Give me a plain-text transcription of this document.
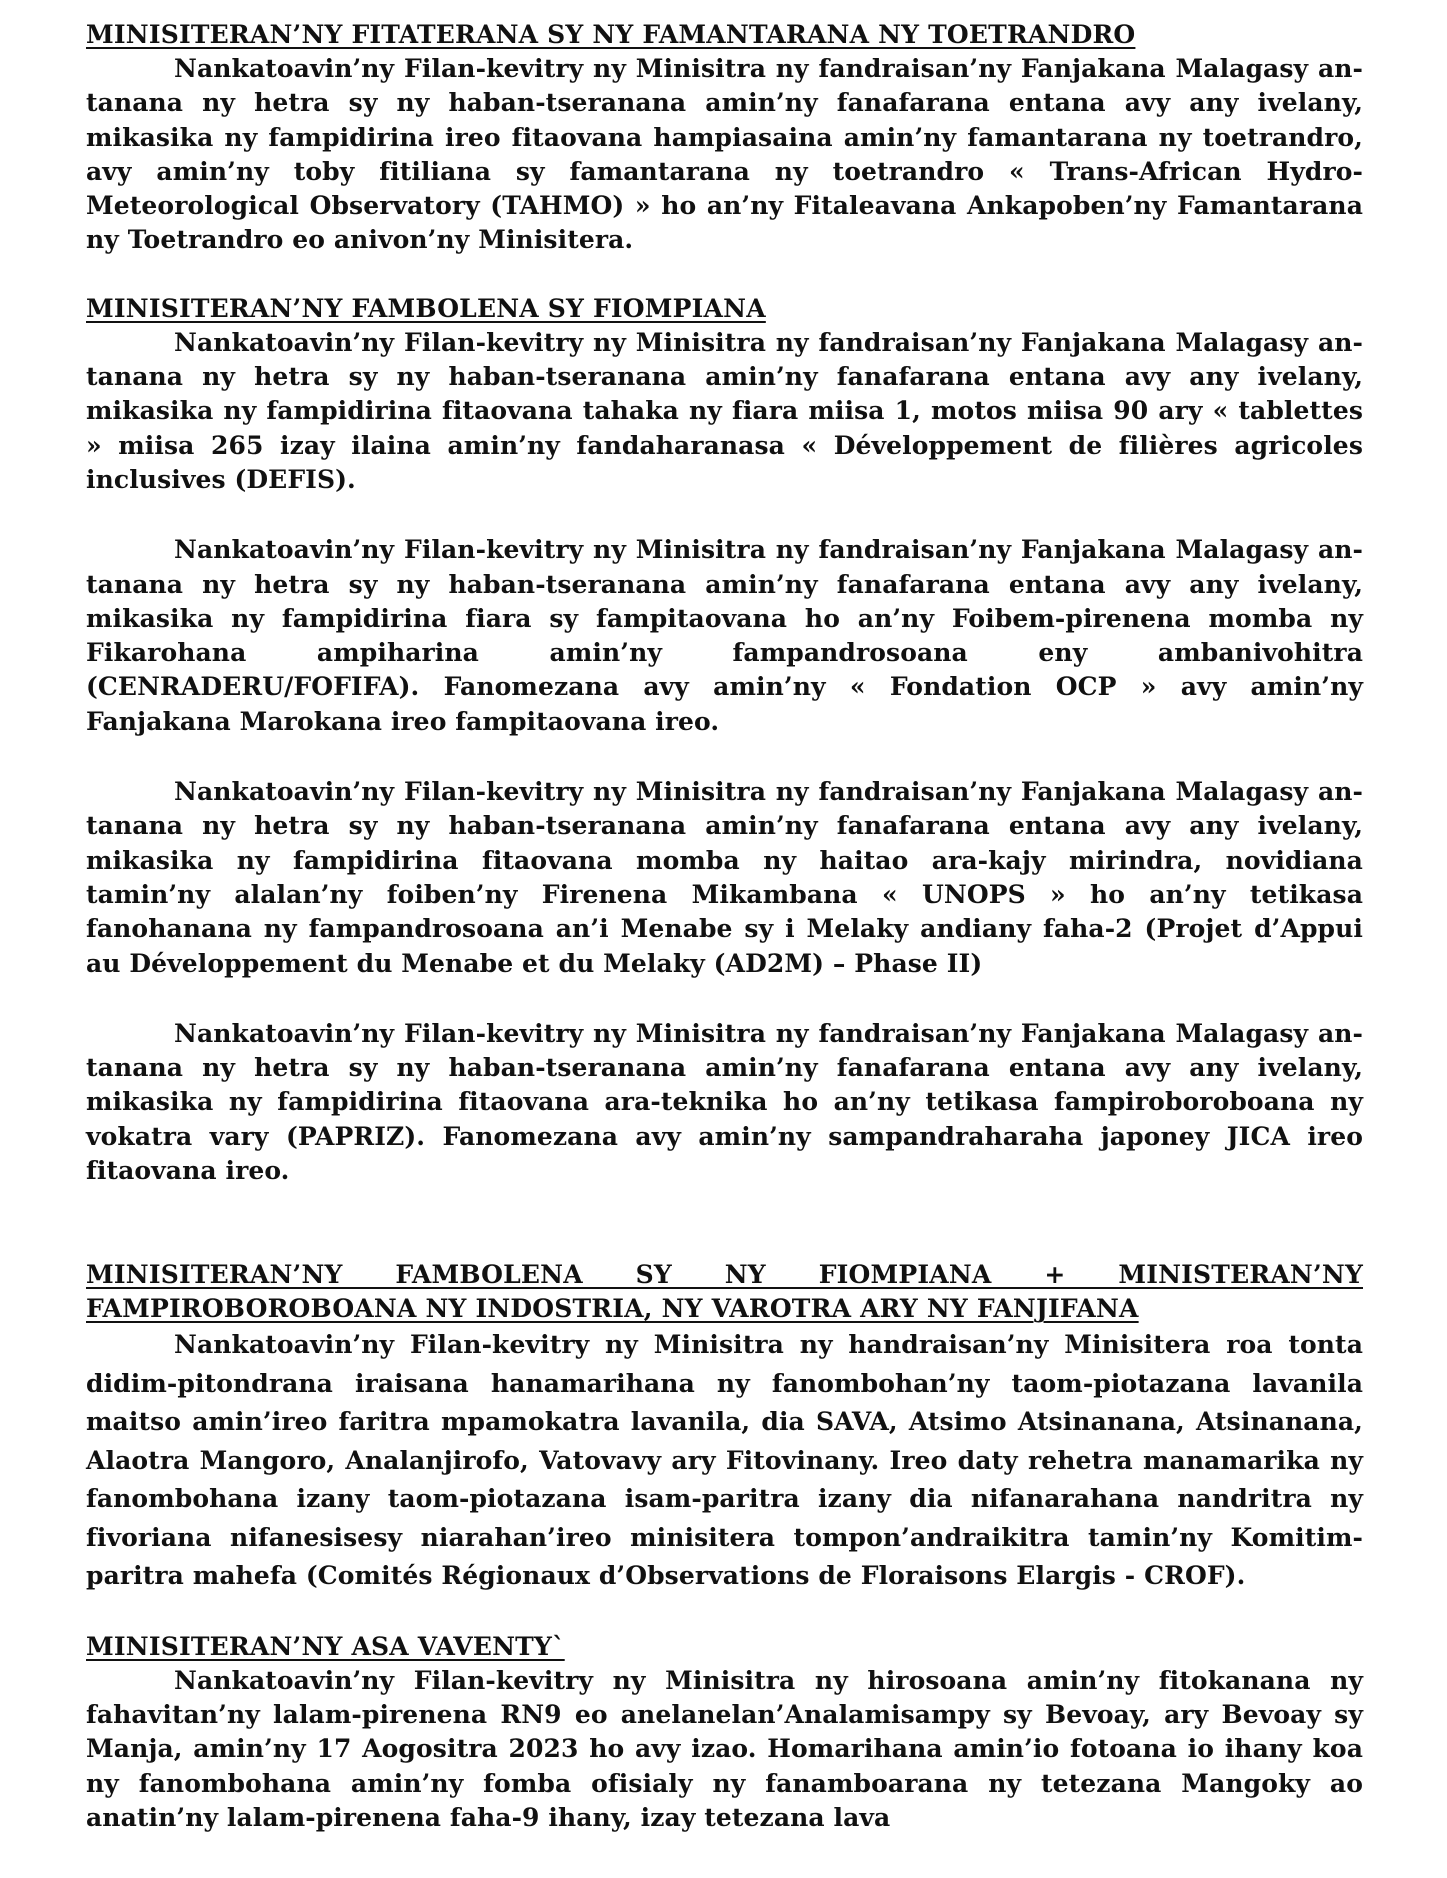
MINISITERAN’NY FITATERANA SY NY FAMANTARANA NY TOETRANDRO

Nankatoavin’ny Filan-kevitry ny Minisitra ny fandraisan’ny Fanjakana Malagasy an-tanana ny hetra sy ny haban-tseranana amin’ny fanafarana entana avy any ivelany, mikasika ny fampidirina ireo fitaovana hampiasaina amin’ny famantarana ny toetrandro, avy amin’ny toby fitiliana sy famantarana ny toetrandro « Trans-African Hydro-Meteorological Observatory (TAHMO) » ho an’ny Fitaleavana Ankapoben’ny Famantarana ny Toetrandro eo anivon’ny Minisitera.

MINISITERAN’NY FAMBOLENA SY FIOMPIANA

Nankatoavin’ny Filan-kevitry ny Minisitra ny fandraisan’ny Fanjakana Malagasy an-tanana ny hetra sy ny haban-tseranana amin’ny fanafarana entana avy any ivelany, mikasika ny fampidirina fitaovana tahaka ny fiara miisa 1, motos miisa 90 ary « tablettes » miisa 265 izay ilaina amin’ny fandaharanasa « Développement de filières agricoles inclusives (DEFIS).

Nankatoavin’ny Filan-kevitry ny Minisitra ny fandraisan’ny Fanjakana Malagasy an-tanana ny hetra sy ny haban-tseranana amin’ny fanafarana entana avy any ivelany, mikasika ny fampidirina fiara sy fampitaovana ho an’ny Foibem-pirenena momba ny Fikarohana ampiharina amin’ny fampandrosoana eny ambanivohitra (CENRADERU/FOFIFA). Fanomezana avy amin’ny « Fondation OCP » avy amin’ny Fanjakana Marokana ireo fampitaovana ireo.

Nankatoavin’ny Filan-kevitry ny Minisitra ny fandraisan’ny Fanjakana Malagasy an-tanana ny hetra sy ny haban-tseranana amin’ny fanafarana entana avy any ivelany, mikasika ny fampidirina fitaovana momba ny haitao ara-kajy mirindra, novidiana tamin’ny alalan’ny foiben’ny Firenena Mikambana « UNOPS » ho an’ny tetikasa fanohanana ny fampandrosoana an’i Menabe sy i Melaky andiany faha-2 (Projet d’Appui au Développement du Menabe et du Melaky (AD2M) – Phase II)

Nankatoavin’ny Filan-kevitry ny Minisitra ny fandraisan’ny Fanjakana Malagasy an-tanana ny hetra sy ny haban-tseranana amin’ny fanafarana entana avy any ivelany, mikasika ny fampidirina fitaovana ara-teknika ho an’ny tetikasa fampiroboroboana ny vokatra vary (PAPRIZ). Fanomezana avy amin’ny sampandraharaha japoney JICA ireo fitaovana ireo.

MINISITERAN’NY FAMBOLENA SY NY FIOMPIANA + MINISTERAN’NY FAMPIROBOROBOANA NY INDOSTRIA, NY VAROTRA ARY NY FANJIFANA

Nankatoavin’ny Filan-kevitry ny Minisitra ny handraisan’ny Minisitera roa tonta didim-pitondrana iraisana hanamarihana ny fanombohan’ny taom-piotazana lavanila maitso amin’ireo faritra mpamokatra lavanila, dia SAVA, Atsimo Atsinanana, Atsinanana, Alaotra Mangoro, Analanjirofo, Vatovavy ary Fitovinany. Ireo daty rehetra manamarika ny fanombohana izany taom-piotazana isam-paritra izany dia nifanarahana nandritra ny fivoriana nifanesisesy niarahan’ireo minisitera tompon’andraikitra tamin’ny Komitim-paritra mahefa (Comités Régionaux d’Observations de Floraisons Elargis - CROF).

MINISITERAN’NY ASA VAVENTY`

Nankatoavin’ny Filan-kevitry ny Minisitra ny hirosoana amin’ny fitokanana ny fahavitan’ny lalam-pirenena RN9 eo anelanelan’Analamisampy sy Bevoay, ary Bevoay sy Manja, amin’ny 17 Aogositra 2023 ho avy izao. Homarihana amin’io fotoana io ihany koa ny fanombohana amin’ny fomba ofisialy ny fanamboarana ny tetezana Mangoky ao anatin’ny lalam-pirenena faha-9 ihany, izay tetezana lava
